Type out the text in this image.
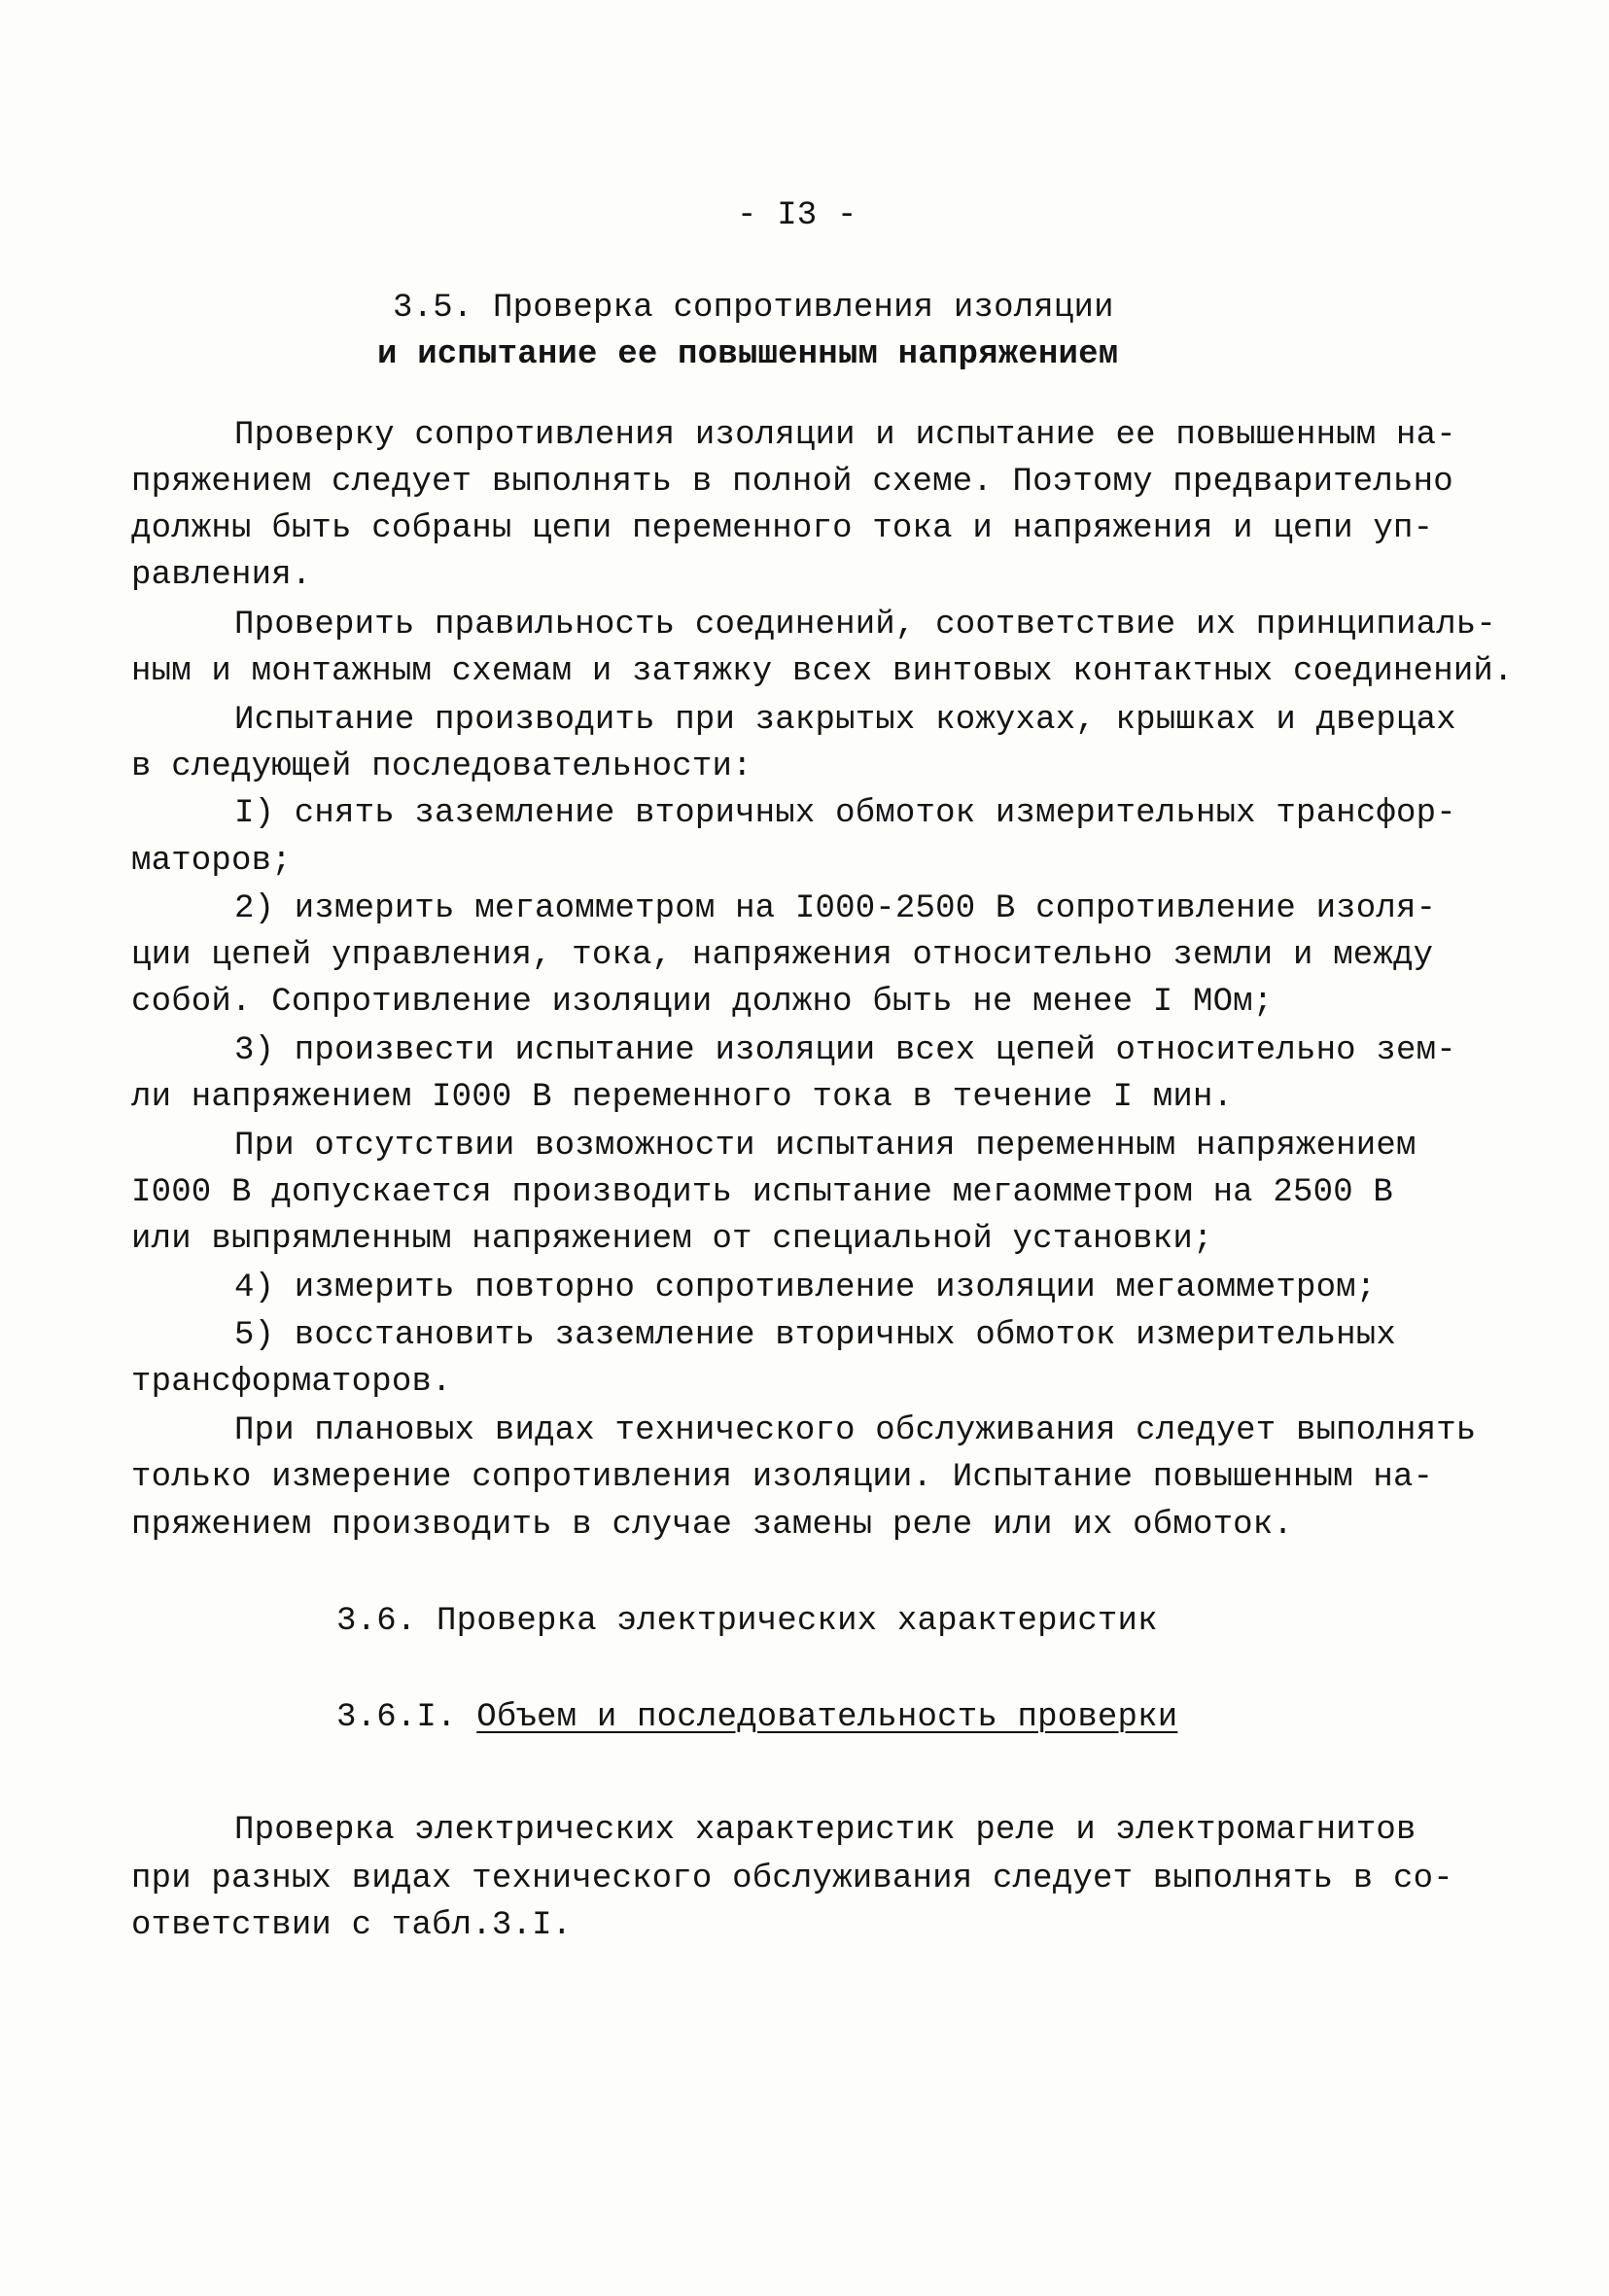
- I3 -
3.5. Проверка сопротивления изоляции
и испытание ее повышенным напряжением
Проверку сопротивления изоляции и испытание ее повышенным на-
пряжением следует выполнять в полной схеме. Поэтому предварительно
должны быть собраны цепи переменного тока и напряжения и цепи уп-
равления.
Проверить правильность соединений, соответствие их принципиаль-
ным и монтажным схемам и затяжку всех винтовых контактных соединений.
Испытание производить при закрытых кожухах, крышках и дверцах
в следующей последовательности:
I) снять заземление вторичных обмоток измерительных трансфор-
маторов;
2) измерить мегаомметром на I000-2500 В сопротивление изоля-
ции цепей управления, тока, напряжения относительно земли и между
собой. Сопротивление изоляции должно быть не менее I МОм;
3) произвести испытание изоляции всех цепей относительно зем-
ли напряжением I000 В переменного тока в течение I мин.
При отсутствии возможности испытания переменным напряжением
I000 В допускается производить испытание мегаомметром на 2500 В
или выпрямленным напряжением от специальной установки;
4) измерить повторно сопротивление изоляции мегаомметром;
5) восстановить заземление вторичных обмоток измерительных
трансформаторов.
При плановых видах технического обслуживания следует выполнять
только измерение сопротивления изоляции. Испытание повышенным на-
пряжением производить в случае замены реле или их обмоток.
3.6. Проверка электрических характеристик
3.6.I. Объем и последовательность проверки
Проверка электрических характеристик реле и электромагнитов
при разных видах технического обслуживания следует выполнять в со-
ответствии с табл.3.I.
